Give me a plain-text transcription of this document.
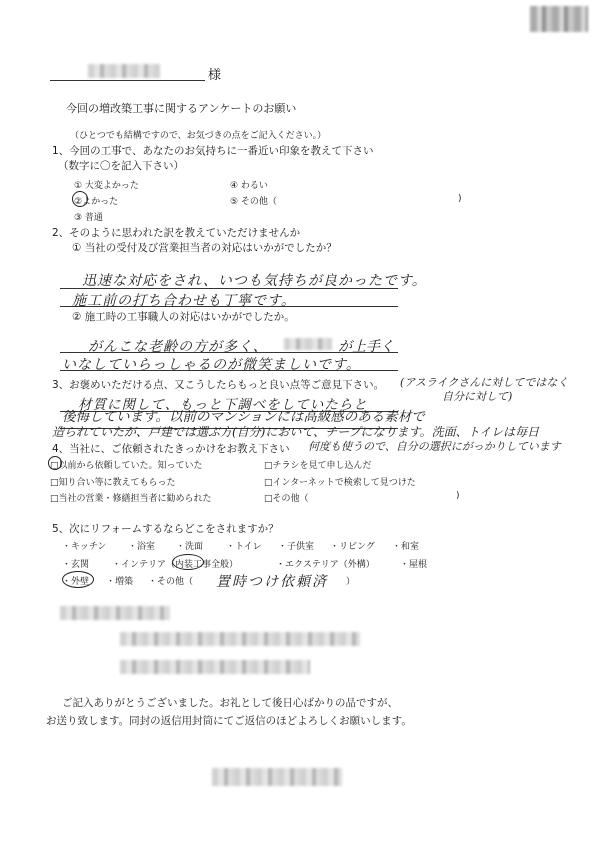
様
今回の増改築工事に関するアンケートのお願い
（ひとつでも結構ですので、お気づきの点をご記入ください。）
1、今回の工事で、あなたのお気持ちに一番近い印象を教えて下さい
（数字に〇を記入下さい）
① 大変よかった
②よかった
③ 普通
④ わるい
⑤ その他（	)
2、そのように思われた訳を教えていただけませんか
① 当社の受付及び営業担当者の対応はいかがでしたか？
迅速な対応をされ、いつも気持ちが良かったです。
施工前の打ち合わせも丁寧です。
② 施工時の工事職人の対応はいかがでしたか。
がんこな老齢の方が多く、	が上手く
いなしていらっしゃるのが微笑ましいです。
3、お褒めいただける点、又こうしたらもっと良い点等ご意見下さい。 (アスライクさんに対してではなく
自分に対して)
材質に関して、もっと下調べをしていたらと
後悔しています。以前のマンションには高級感のある素材で
造られていたが、戸建では選ぶ方(自分)において、チープになります。洗面、トイレは毎日
何度も使うので、自分の選択にがっかりしています
4、当社に、ご依頼されたきっかけをお教え下さい
□以前から依頼していた。知っていた	□チラシを見て申し込んだ
□知り合い等に教えてもらった	□インターネットで検索して見つけた
□当社の営業・修繕担当者に勧められた	□その他（	)
5、次にリフォームするならどこをされますか？
・キッチン ・浴室 ・洗面	・トイレ ・子供室 ・リビング ・和室
・玄関	・インテリア （内装工事全般）	・エクステリア（外構）	・屋根
・外壁 ・増築 ・その他（ 置時つけ依頼済 ）
ご記入ありがとうございました。お礼として後日心ばかりの品ですが、
お送り致します。同封の返信用封筒にてご返信のほどよろしくお願いします。
